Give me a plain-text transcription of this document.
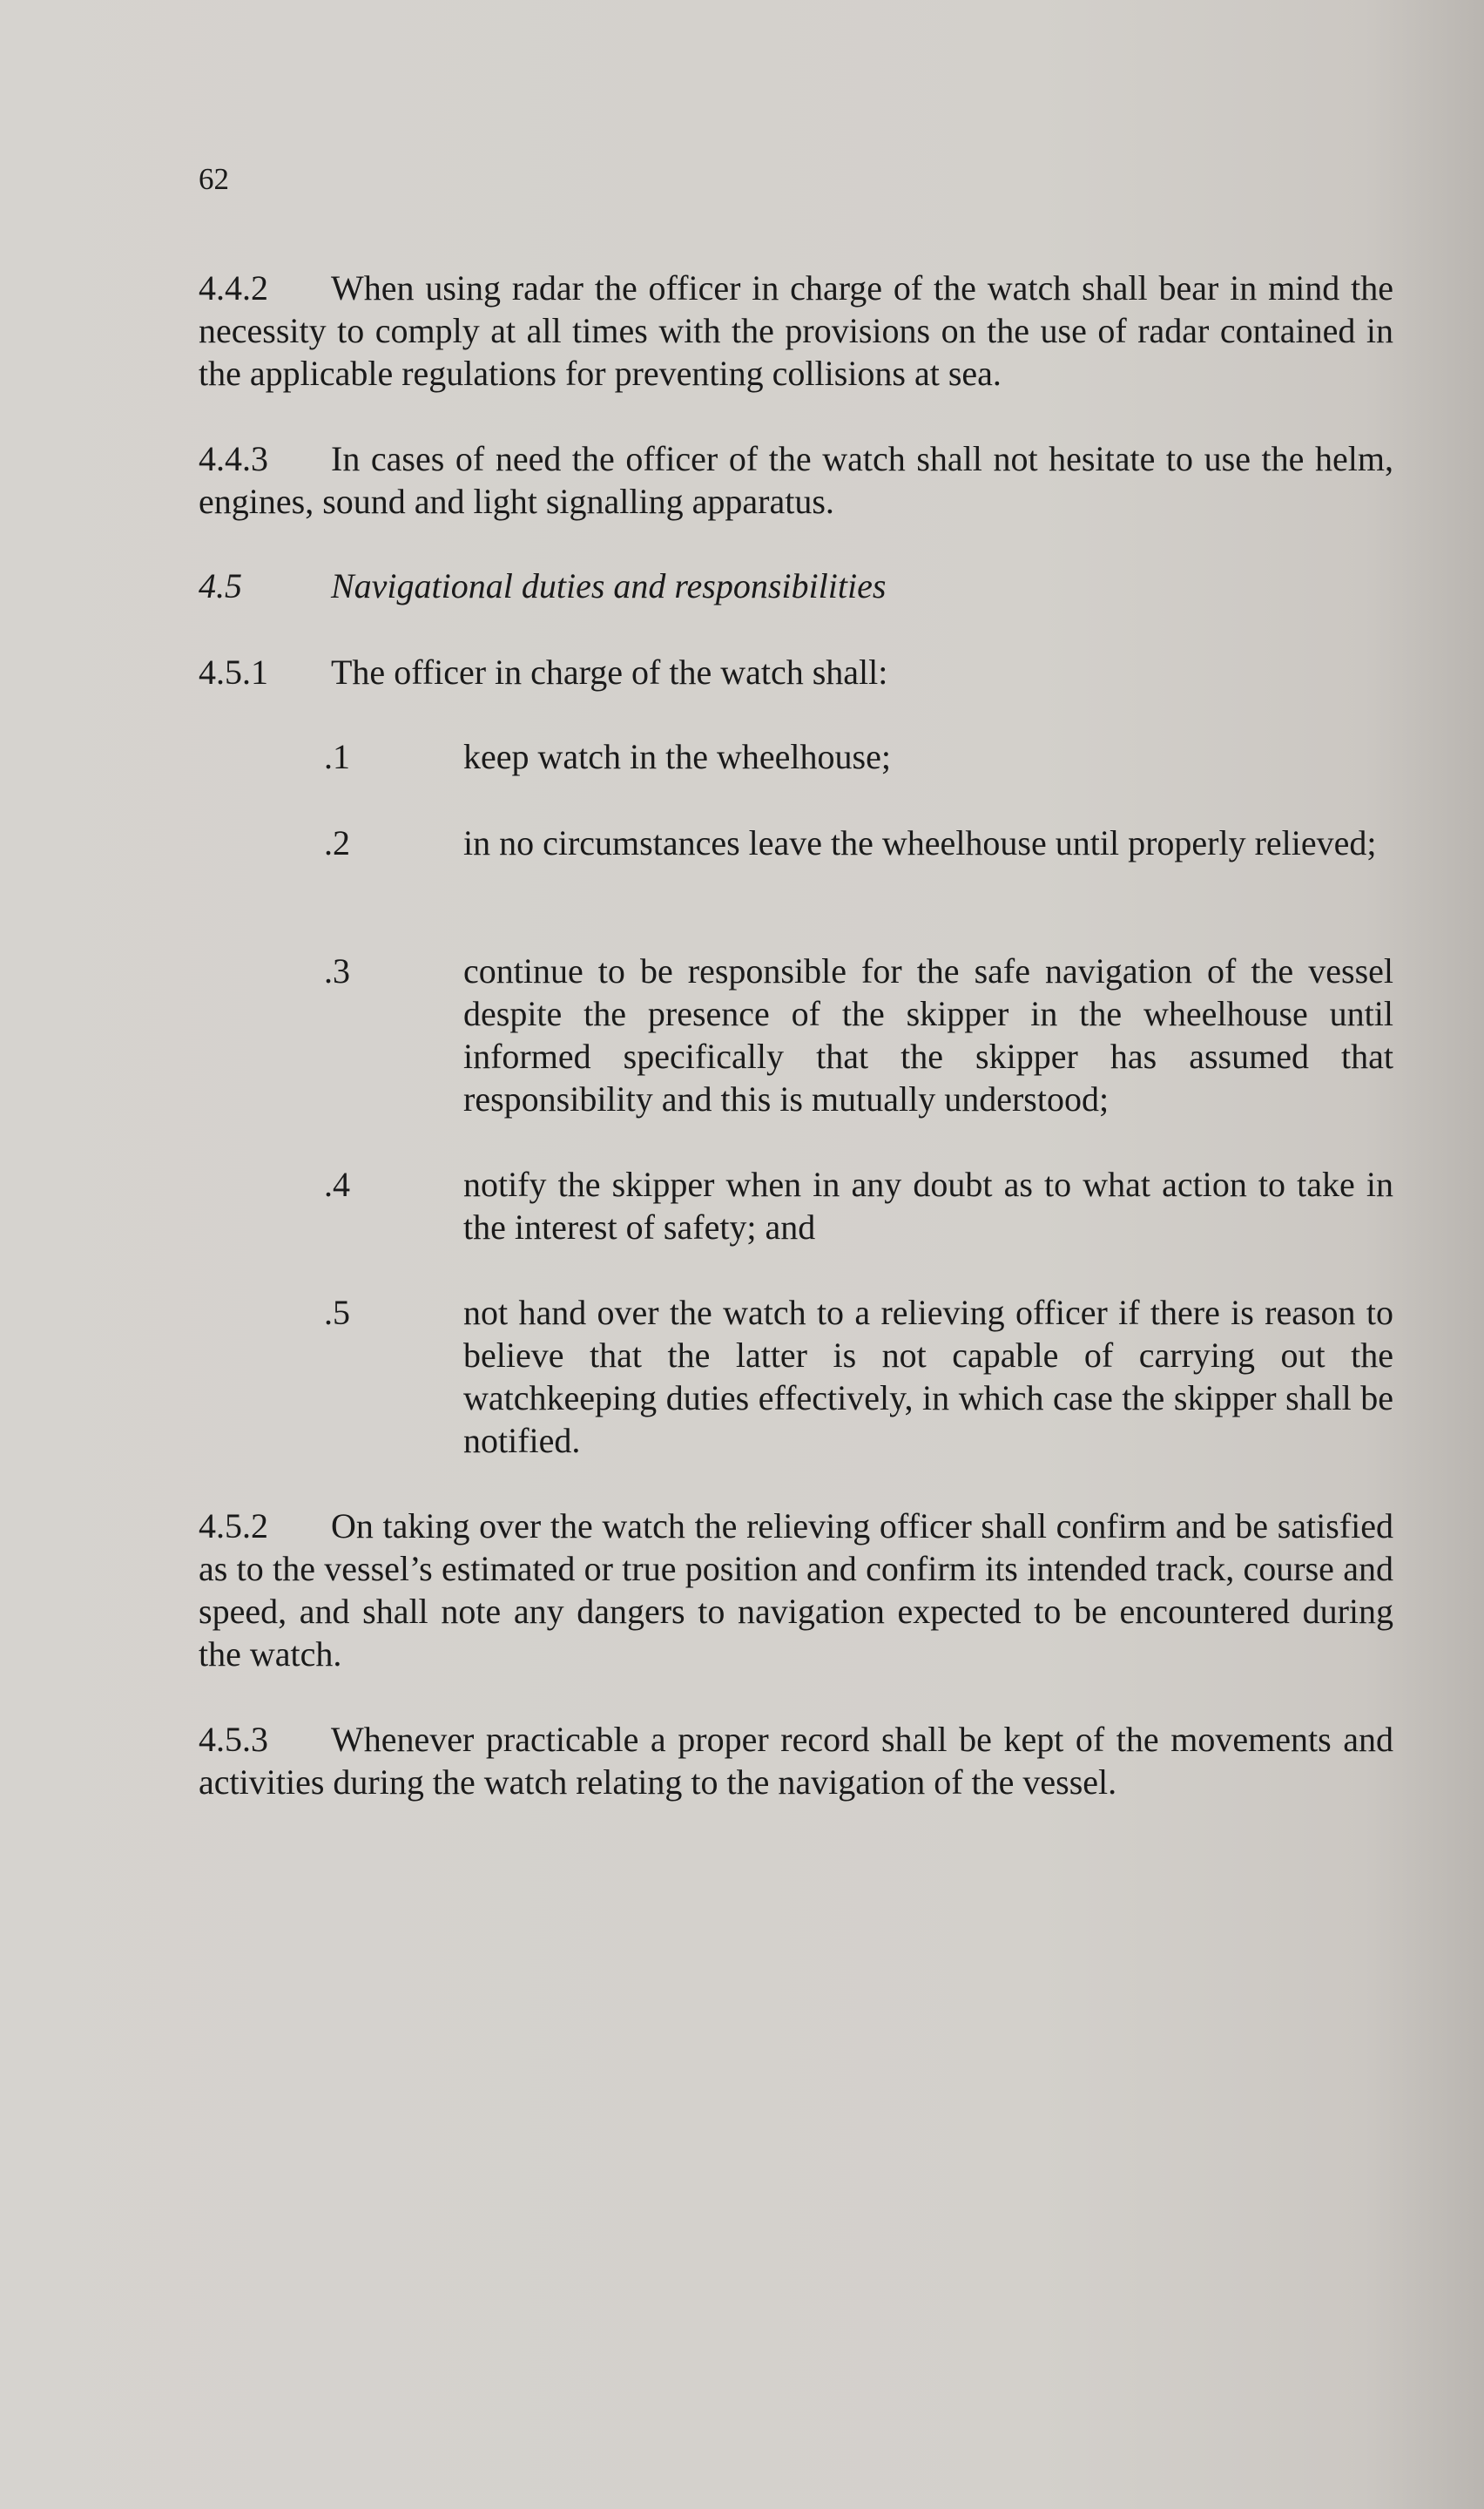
62
4.4.2 When using radar the officer in charge of the watch shall bear in mind the necessity to comply at all times with the provisions on the use of radar contained in the applicable regulations for preventing collisions at sea.
4.4.3 In cases of need the officer of the watch shall not hesitate to use the helm, engines, sound and light signalling apparatus.
4.5	Navigational duties and responsibilities
4.5.1 The officer in charge of the watch shall:
.1	keep watch in the wheelhouse;
.2	in no circumstances leave the wheelhouse until properly relieved;
.3	continue to be responsible for the safe navigation of the vessel despite the presence of the skipper in the wheelhouse until informed specifically that the skipper has assumed that responsibility and this is mutually understood;
.4	notify the skipper when in any doubt as to what action to take in the interest of safety; and
.5	not hand over the watch to a relieving officer if there is reason to believe that the latter is not capable of carrying out the watchkeeping duties effectively, in which case the skipper shall be notified.
4.5.2 On taking over the watch the relieving officer shall confirm and be satisfied as to the vessel’s estimated or true position and confirm its intended track, course and speed, and shall note any dangers to navigation expected to be encountered during the watch.
4.5.3 Whenever practicable a proper record shall be kept of the movements and activities during the watch relating to the navigation of the vessel.
